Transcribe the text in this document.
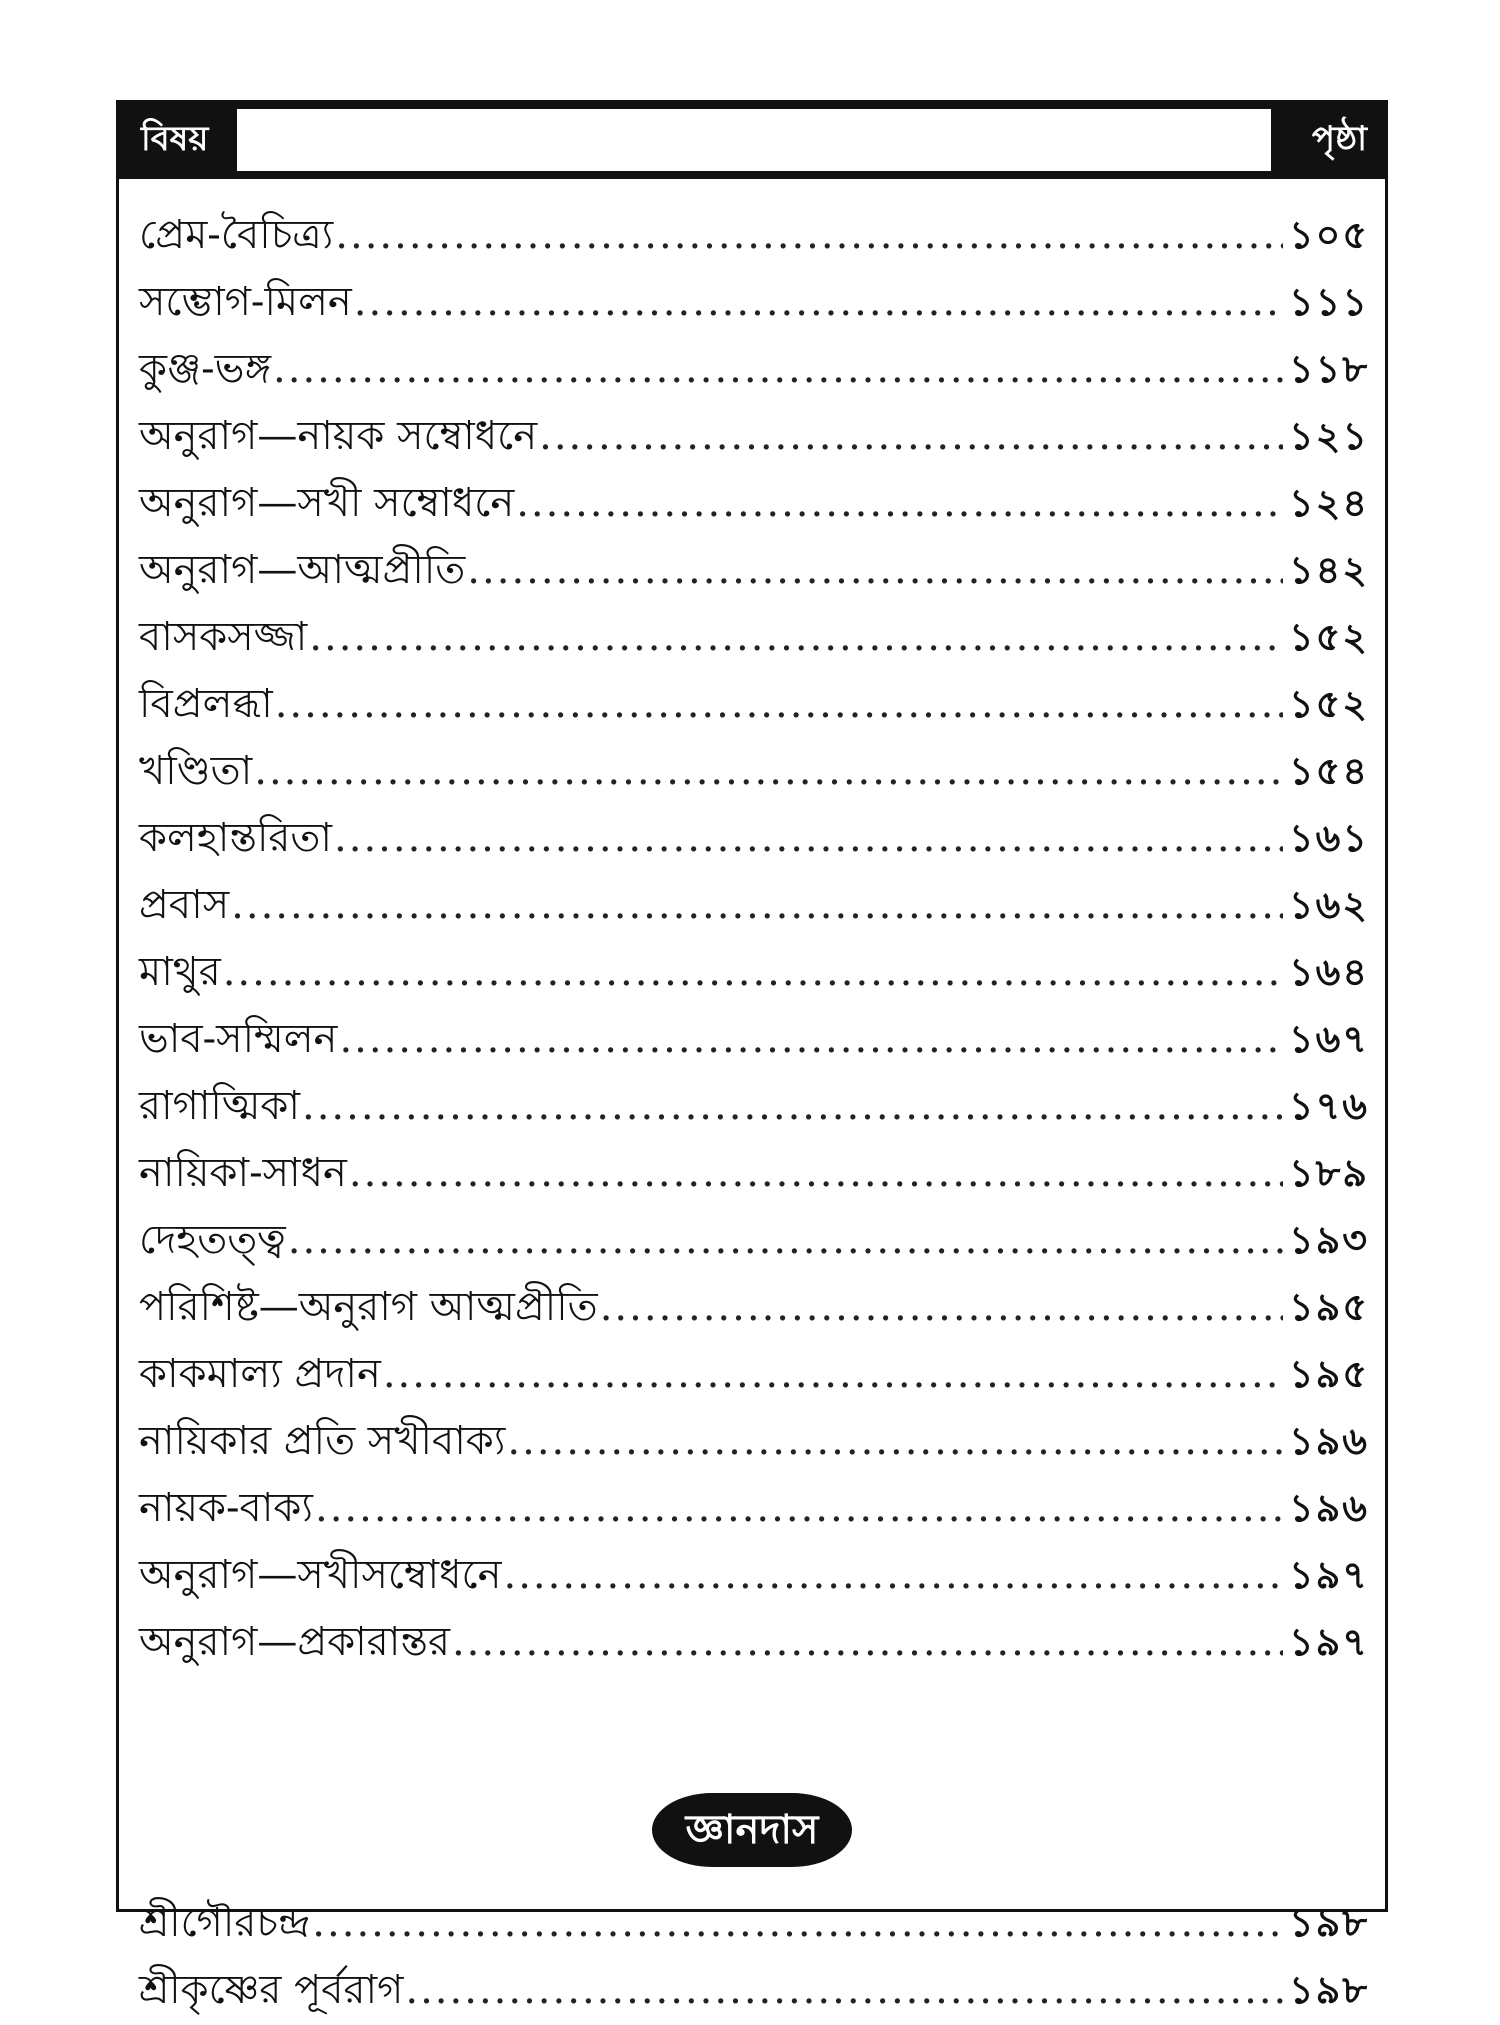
বিষয়	পৃষ্ঠা
প্রেম-বৈচিত্র্য .....	১০৫
সম্ভোগ-মিলন .....	১১১
কুঞ্জ-ভঙ্গ .....	১১৮
অনুরাগ—নায়ক সম্বোধনে .....	১২১
অনুরাগ—সখী সম্বোধনে .....	১২৪
অনুরাগ—আত্মপ্রীতি .....	১৪২
বাসকসজ্জা .....	১৫২
বিপ্রলব্ধা .....	১৫২
খণ্ডিতা .....	১৫৪
কলহান্তরিতা .....	১৬১
প্রবাস .....	১৬২
মাথুর .....	১৬৪
ভাব-সম্মিলন .....	১৬৭
রাগাত্মিকা .....	১৭৬
নায়িকা-সাধন .....	১৮৯
দেহতত্ত্ব .....	১৯৩
পরিশিষ্ট—অনুরাগ আত্মপ্রীতি .....	১৯৫
কাকমাল্য প্রদান .....	১৯৫
নায়িকার প্রতি সখীবাক্য .....	১৯৬
নায়ক-বাক্য .....	১৯৬
অনুরাগ—সখীসম্বোধনে .....	১৯৭
অনুরাগ—প্রকারান্তর .....	১৯৭
জ্ঞানদাস
শ্রীগৌরচন্দ্র .....	১৯৮
শ্রীকৃষ্ণের পূর্বরাগ .....	১৯৮
